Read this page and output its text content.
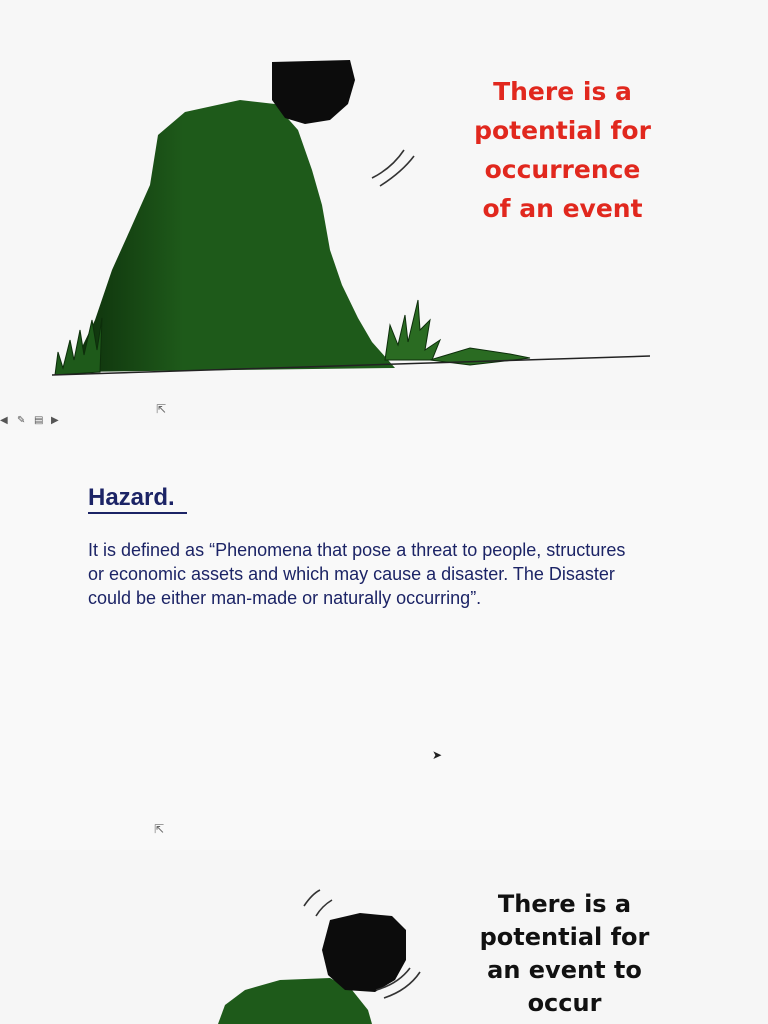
There is a
potential for
occurrence
of an event
⇱
◀ ✎ ▤ ▶
Hazard.
It is defined as “Phenomena that pose a threat to people, structures
or economic assets and which may cause a disaster. The Disaster
could be either man-made or naturally occurring”.
➤
⇱
There is a
potential for
an event to
occur
